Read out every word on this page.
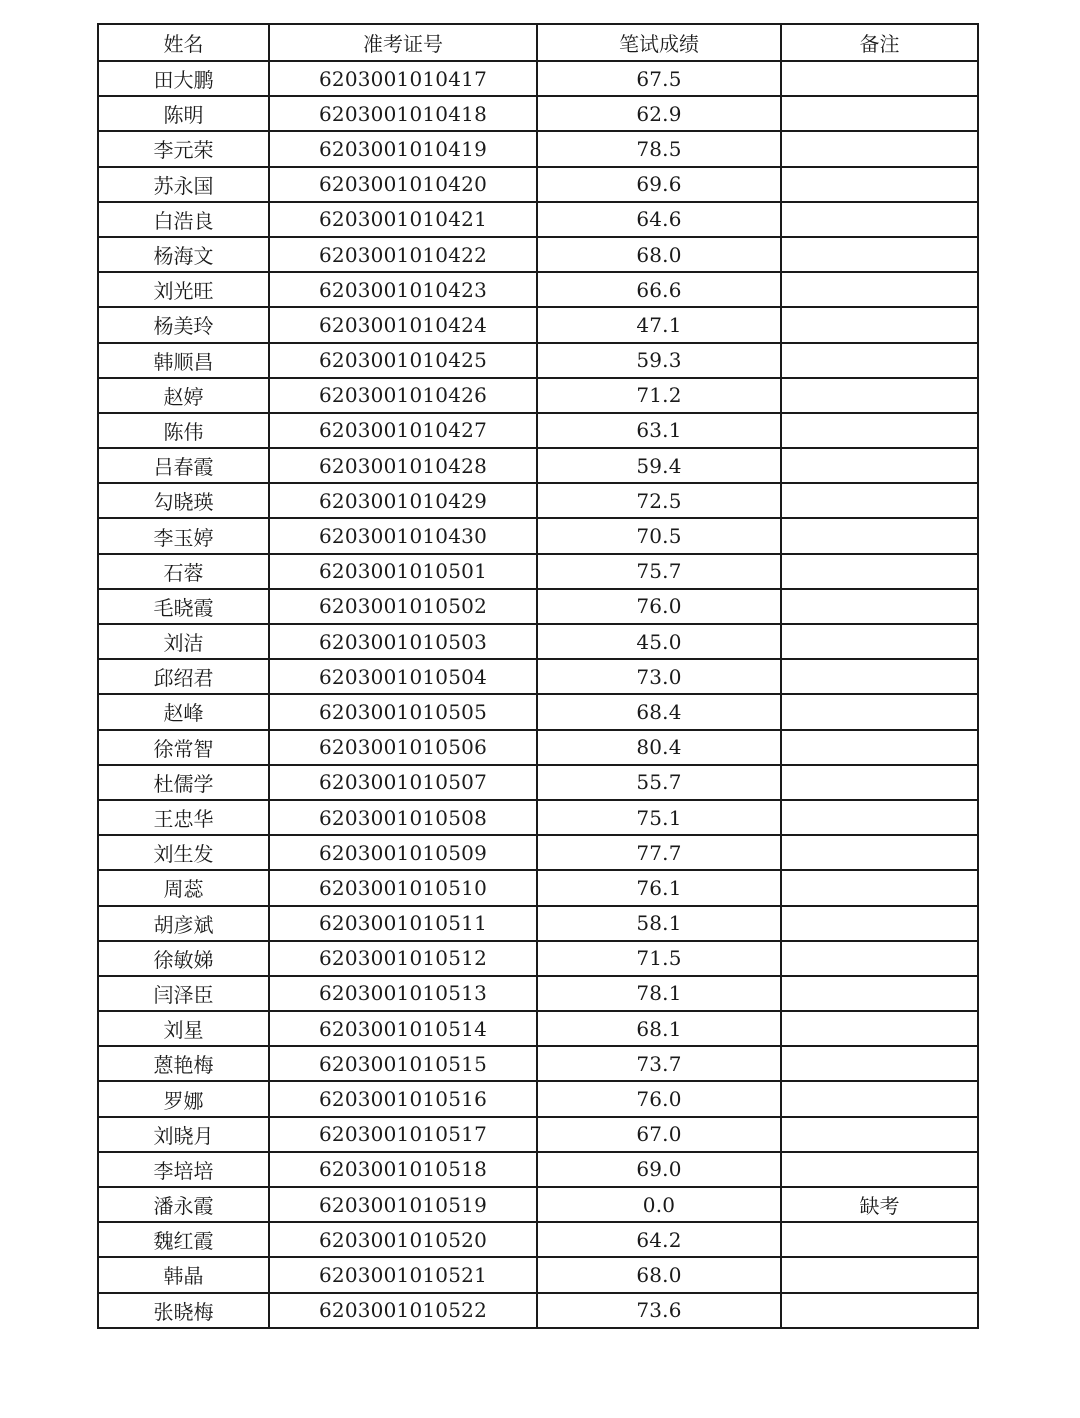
姓名	准考证号	笔试成绩	备注
田大鹏	6203001010417	67.5	
陈明	6203001010418	62.9	
李元荣	6203001010419	78.5	
苏永国	6203001010420	69.6	
白浩良	6203001010421	64.6	
杨海文	6203001010422	68.0	
刘光旺	6203001010423	66.6	
杨美玲	6203001010424	47.1	
韩顺昌	6203001010425	59.3	
赵婷	6203001010426	71.2	
陈伟	6203001010427	63.1	
吕春霞	6203001010428	59.4	
勾晓瑛	6203001010429	72.5	
李玉婷	6203001010430	70.5	
石蓉	6203001010501	75.7	
毛晓霞	6203001010502	76.0	
刘洁	6203001010503	45.0	
邱绍君	6203001010504	73.0	
赵峰	6203001010505	68.4	
徐常智	6203001010506	80.4	
杜儒学	6203001010507	55.7	
王忠华	6203001010508	75.1	
刘生发	6203001010509	77.7	
周蕊	6203001010510	76.1	
胡彦斌	6203001010511	58.1	
徐敏娣	6203001010512	71.5	
闫泽臣	6203001010513	78.1	
刘星	6203001010514	68.1	
蒽艳梅	6203001010515	73.7	
罗娜	6203001010516	76.0	
刘晓月	6203001010517	67.0	
李培培	6203001010518	69.0	
潘永霞	6203001010519	0.0	缺考
魏红霞	6203001010520	64.2	
韩晶	6203001010521	68.0	
张晓梅	6203001010522	73.6	
